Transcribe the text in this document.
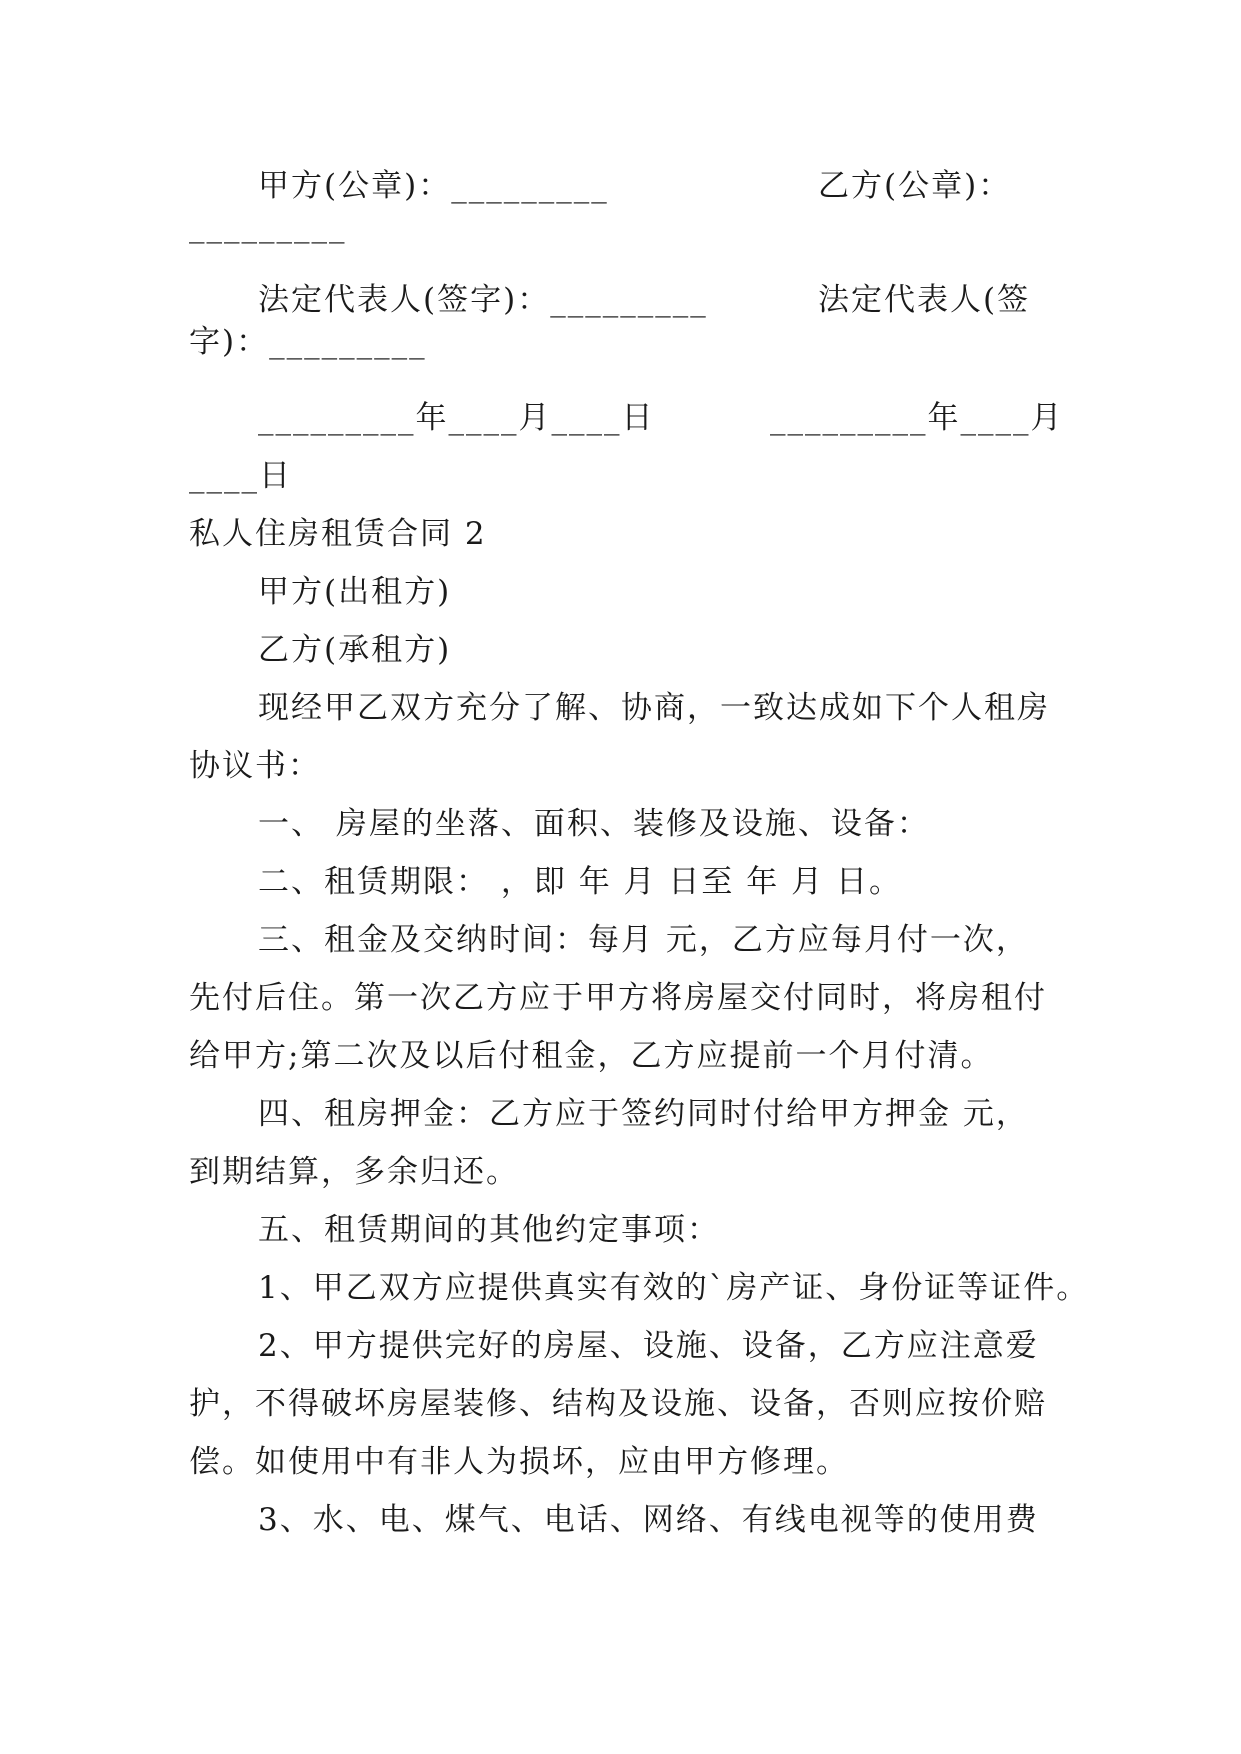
甲方(公章)：_________	乙方(公章)：
_________
法定代表人(签字)：_________	法定代表人(签
字)：_________
_________年____月____日	_________年____月
____日
私人住房租赁合同 2
甲方(出租方)
乙方(承租方)
现经甲乙双方充分了解、协商，一致达成如下个人租房
协议书：
一、 房屋的坐落、面积、装修及设施、设备：
二、租赁期限： ，即 年 月 日至 年 月 日。
三、租金及交纳时间：每月 元，乙方应每月付一次，
先付后住。第一次乙方应于甲方将房屋交付同时，将房租付
给甲方;第二次及以后付租金，乙方应提前一个月付清。
四、租房押金：乙方应于签约同时付给甲方押金 元，
到期结算，多余归还。
五、租赁期间的其他约定事项：
1、甲乙双方应提供真实有效的`房产证、身份证等证件。
2、甲方提供完好的房屋、设施、设备，乙方应注意爱
护，不得破坏房屋装修、结构及设施、设备，否则应按价赔
偿。如使用中有非人为损坏，应由甲方修理。
3、水、电、煤气、电话、网络、有线电视等的使用费
